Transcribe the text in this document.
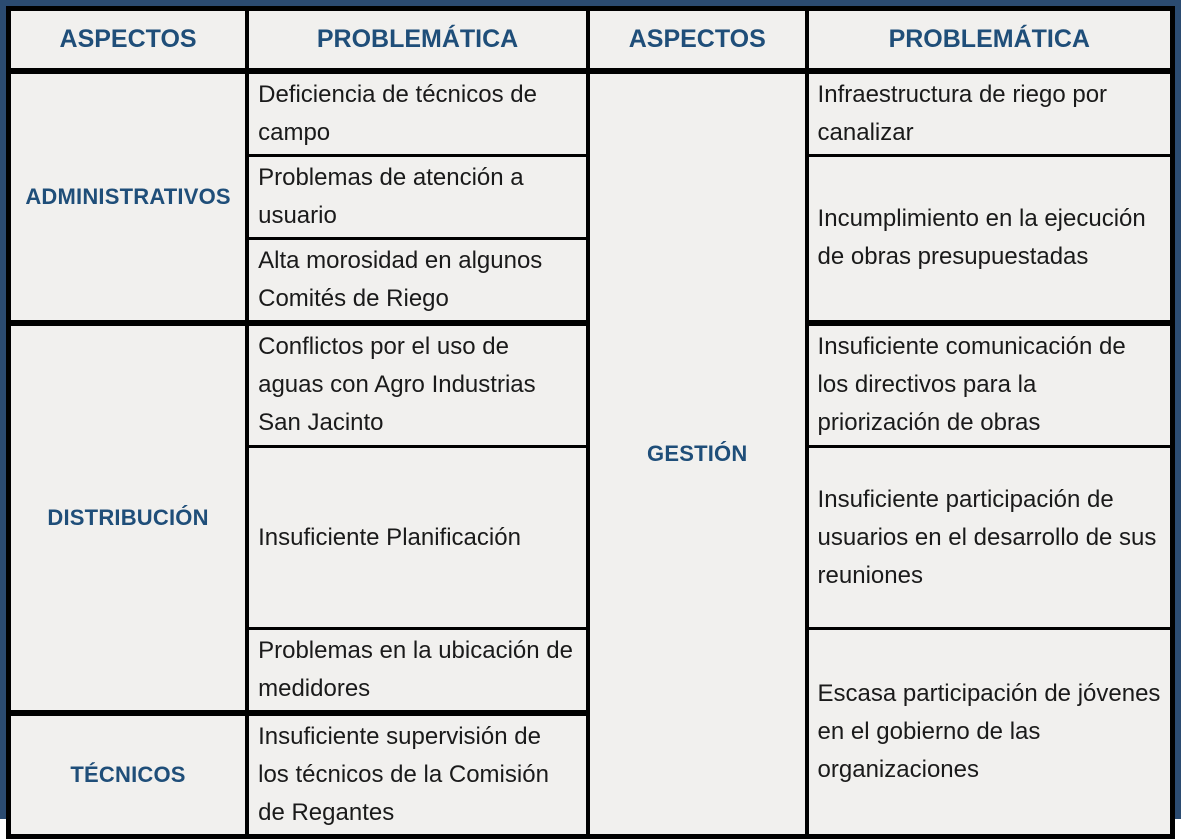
ASPECTOS	PROBLEMÁTICA	ASPECTOS	PROBLEMÁTICA
ADMINISTRATIVOS	Deficiencia de técnicos de campo	GESTIÓN	Infraestructura de riego por canalizar
	Problemas de atención a usuario		Incumplimiento en la ejecución de obras presupuestadas
	Alta morosidad en algunos Comités de Riego		
DISTRIBUCIÓN	Conflictos por el uso de aguas con Agro Industrias San Jacinto		Insuficiente comunicación de los directivos para la priorización de obras
	Insuficiente Planificación		Insuficiente participación de usuarios en el desarrollo de sus reuniones
	Problemas en la ubicación de medidores		Escasa participación de jóvenes en el gobierno de las organizaciones
TÉCNICOS	Insuficiente supervisión de los técnicos de la Comisión de Regantes		
